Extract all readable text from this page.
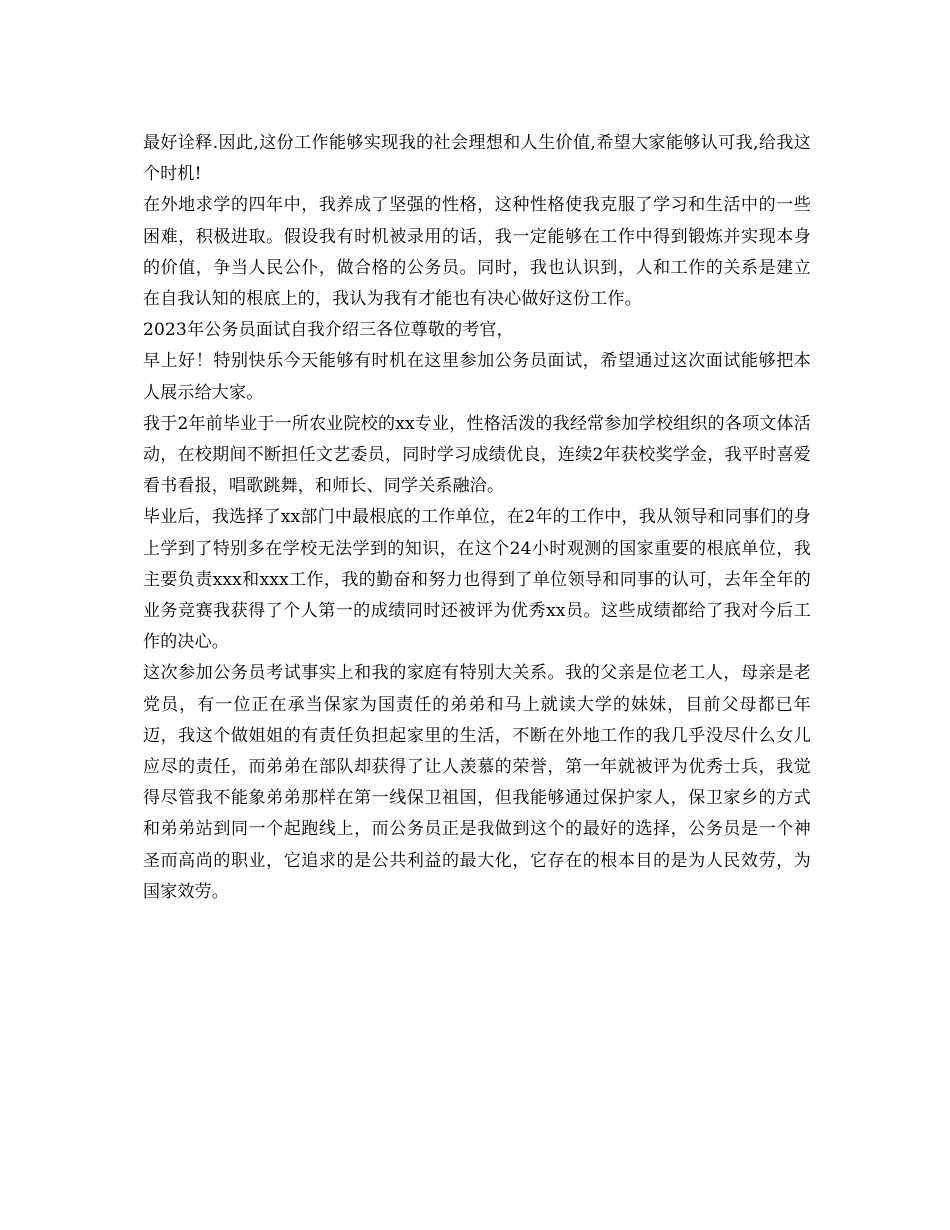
最好诠释.因此,这份工作能够实现我的社会理想和人生价值,希望大家能够认可我,给我这个时机!

在外地求学的四年中，我养成了坚强的性格，这种性格使我克服了学习和生活中的一些困难，积极进取。假设我有时机被录用的话，我一定能够在工作中得到锻炼并实现本身的价值，争当人民公仆，做合格的公务员。同时，我也认识到，人和工作的关系是建立在自我认知的根底上的，我认为我有才能也有决心做好这份工作。

2023年公务员面试自我介绍三各位尊敬的考官，

早上好！特别快乐今天能够有时机在这里参加公务员面试，希望通过这次面试能够把本人展示给大家。

我于2年前毕业于一所农业院校的xx专业，性格活泼的我经常参加学校组织的各项文体活动，在校期间不断担任文艺委员，同时学习成绩优良，连续2年获校奖学金，我平时喜爱看书看报，唱歌跳舞，和师长、同学关系融洽。

毕业后，我选择了xx部门中最根底的工作单位，在2年的工作中，我从领导和同事们的身上学到了特别多在学校无法学到的知识，在这个24小时观测的国家重要的根底单位，我主要负责xxx和xxx工作，我的勤奋和努力也得到了单位领导和同事的认可，去年全年的业务竞赛我获得了个人第一的成绩同时还被评为优秀xx员。这些成绩都给了我对今后工作的决心。

这次参加公务员考试事实上和我的家庭有特别大关系。我的父亲是位老工人，母亲是老党员，有一位正在承当保家为国责任的弟弟和马上就读大学的妹妹，目前父母都已年迈，我这个做姐姐的有责任负担起家里的生活，不断在外地工作的我几乎没尽什么女儿应尽的责任，而弟弟在部队却获得了让人羡慕的荣誉，第一年就被评为优秀士兵，我觉得尽管我不能象弟弟那样在第一线保卫祖国，但我能够通过保护家人，保卫家乡的方式和弟弟站到同一个起跑线上，而公务员正是我做到这个的最好的选择，公务员是一个神圣而高尚的职业，它追求的是公共利益的最大化，它存在的根本目的是为人民效劳，为国家效劳。
